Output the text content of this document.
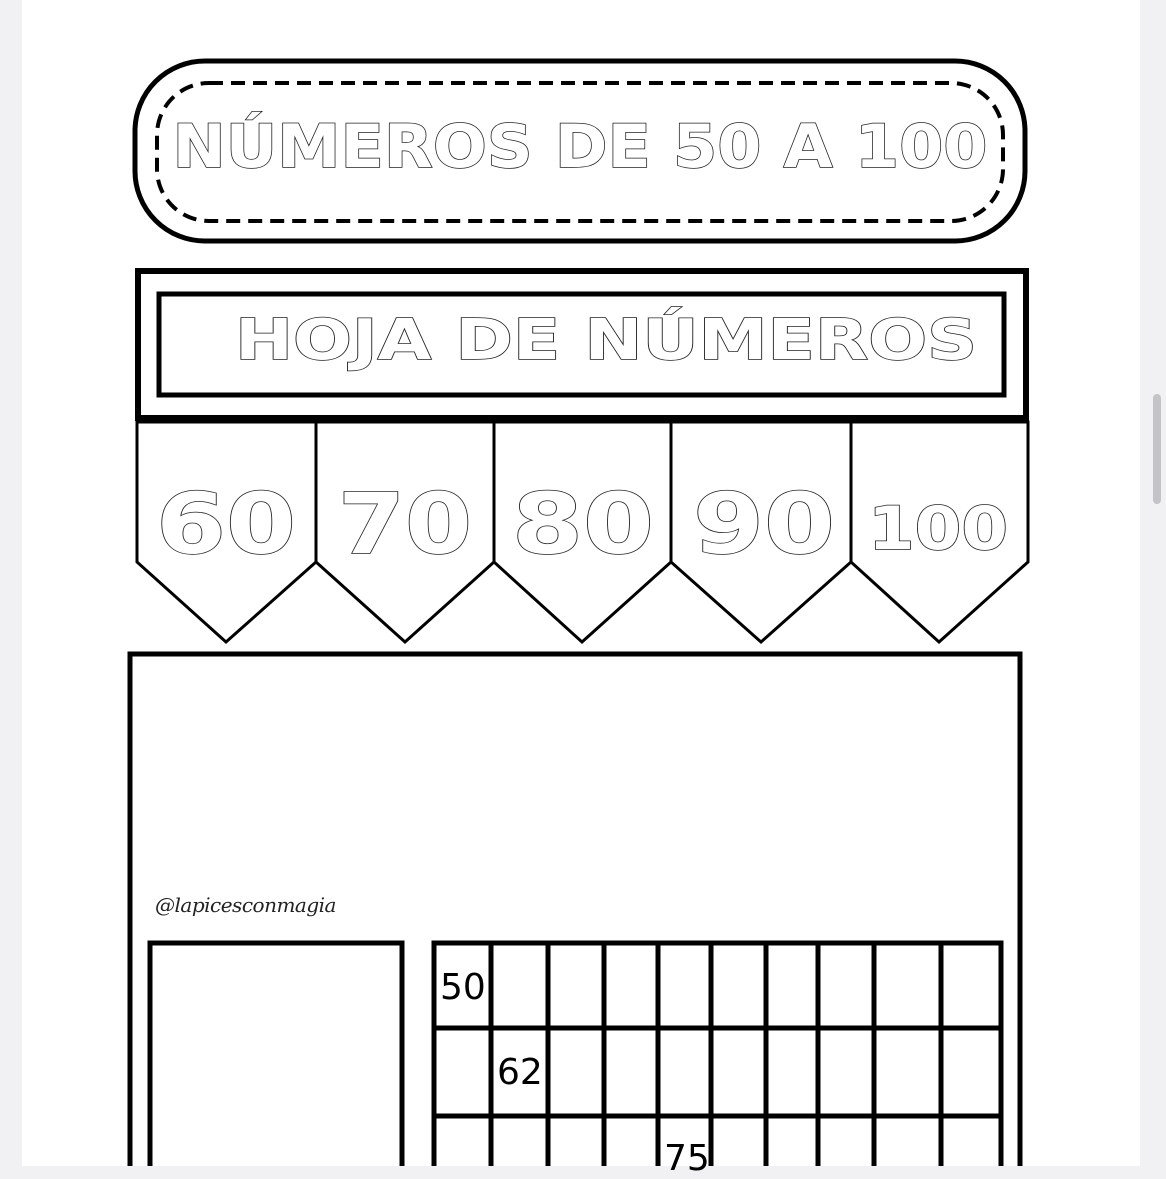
NÚMEROS DE 50 A 100
HOJA DE NÚMEROS
60 70 80 90 100
@lapicesconmagia
50
62
75
